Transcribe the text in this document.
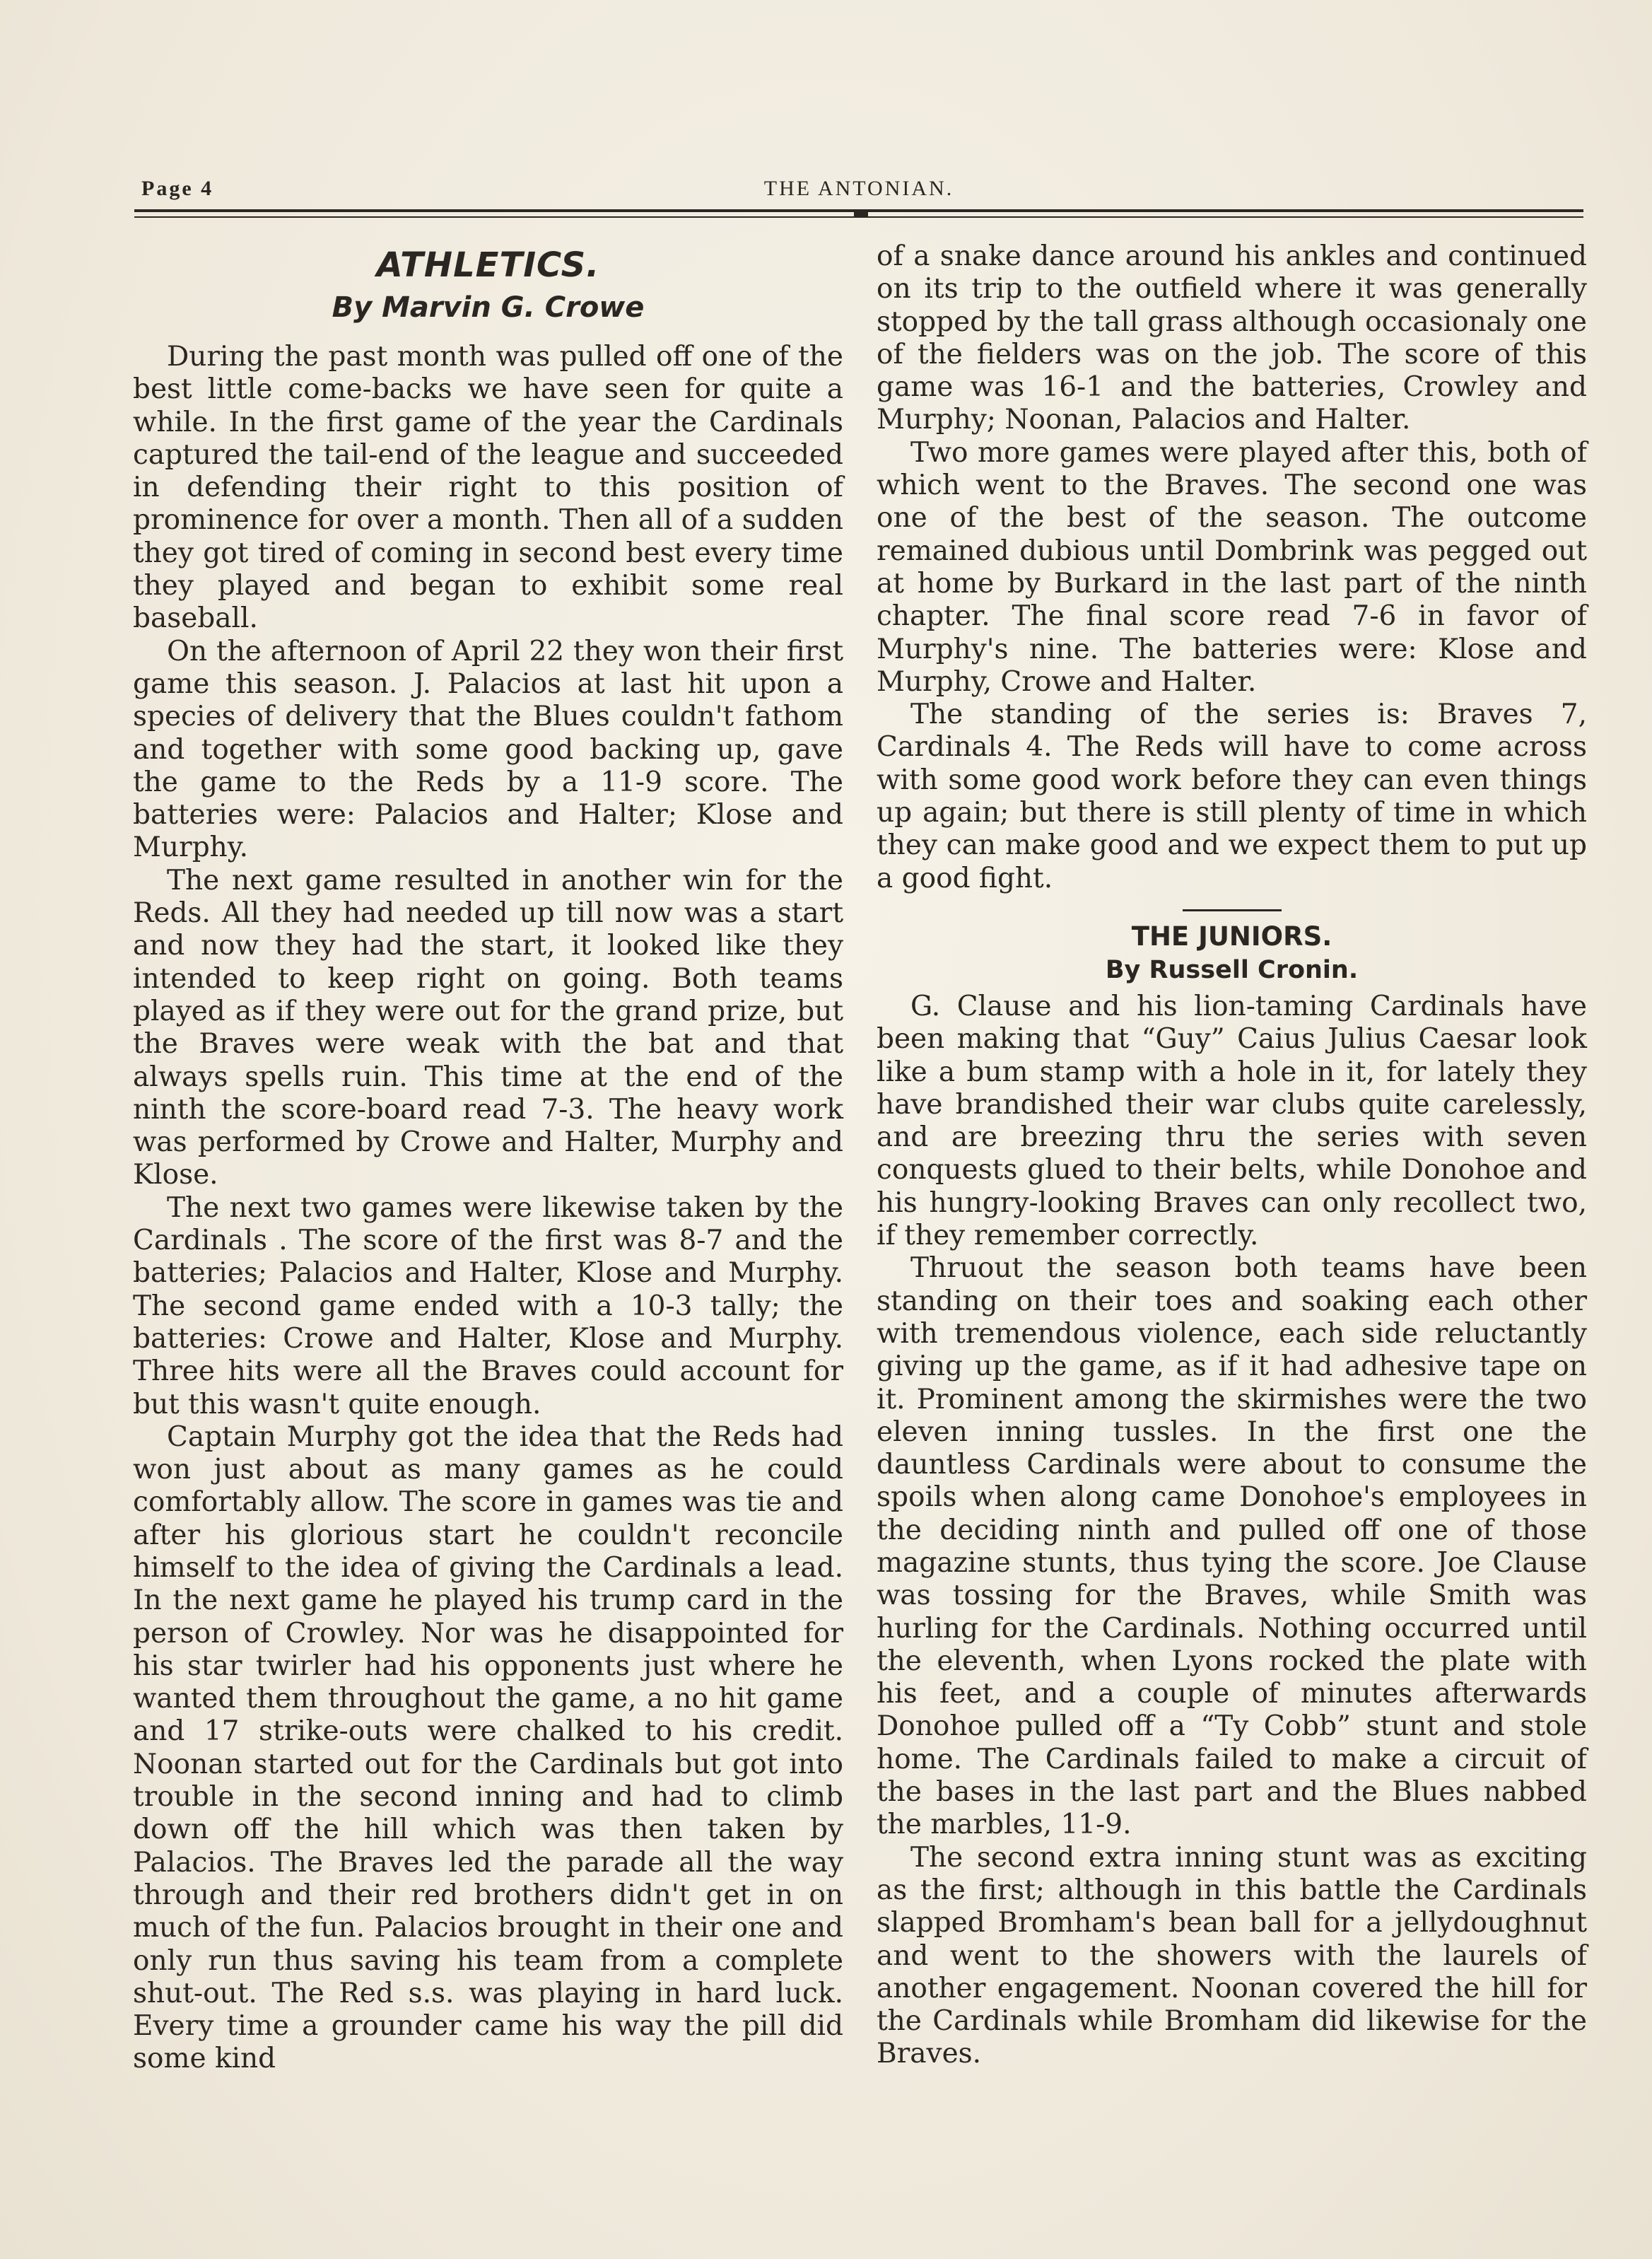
Page 4	THE ANTONIAN.
ATHLETICS.
By Marvin G. Crowe

During the past month was pulled off one of the best little come-backs we have seen for quite a while. In the first game of the year the Cardinals captured the tail-end of the league and succeeded in defending their right to this position of prominence for over a month. Then all of a sudden they got tired of coming in second best every time they played and began to exhibit some real baseball.

On the afternoon of April 22 they won their first game this season. J. Palacios at last hit upon a species of delivery that the Blues couldn't fathom and together with some good backing up, gave the game to the Reds by a 11-9 score. The batteries were: Palacios and Halter; Klose and Murphy.

The next game resulted in another win for the Reds. All they had needed up till now was a start and now they had the start, it looked like they intended to keep right on going. Both teams played as if they were out for the grand prize, but the Braves were weak with the bat and that always spells ruin. This time at the end of the ninth the score-board read 7-3. The heavy work was performed by Crowe and Halter, Murphy and Klose.

The next two games were likewise taken by the Cardinals . The score of the first was 8-7 and the batteries; Palacios and Halter, Klose and Murphy. The second game ended with a 10-3 tally; the batteries: Crowe and Halter, Klose and Murphy. Three hits were all the Braves could account for but this wasn't quite enough.

Captain Murphy got the idea that the Reds had won just about as many games as he could comfortably allow. The score in games was tie and after his glorious start he couldn't reconcile himself to the idea of giving the Cardinals a lead. In the next game he played his trump card in the person of Crowley. Nor was he disappointed for his star twirler had his opponents just where he wanted them throughout the game, a no hit game and 17 strike-outs were chalked to his credit. Noonan started out for the Cardinals but got into trouble in the second inning and had to climb down off the hill which was then taken by Palacios. The Braves led the parade all the way through and their red brothers didn't get in on much of the fun. Palacios brought in their one and only run thus saving his team from a complete shut-out. The Red s.s. was playing in hard luck. Every time a grounder came his way the pill did some kind

of a snake dance around his ankles and continued on its trip to the outfield where it was generally stopped by the tall grass although occasionaly one of the fielders was on the job. The score of this game was 16-1 and the batteries, Crowley and Murphy; Noonan, Palacios and Halter.

Two more games were played after this, both of which went to the Braves. The second one was one of the best of the season. The outcome remained dubious until Dombrink was pegged out at home by Burkard in the last part of the ninth chapter. The final score read 7-6 in favor of Murphy's nine. The batteries were: Klose and Murphy, Crowe and Halter.

The standing of the series is: Braves 7, Cardinals 4. The Reds will have to come across with some good work before they can even things up again; but there is still plenty of time in which they can make good and we expect them to put up a good fight.

THE JUNIORS.
By Russell Cronin.

G. Clause and his lion-taming Cardinals have been making that “Guy” Caius Julius Caesar look like a bum stamp with a hole in it, for lately they have brandished their war clubs quite carelessly, and are breezing thru the series with seven conquests glued to their belts, while Donohoe and his hungry-looking Braves can only recollect two, if they remember correctly.

Thruout the season both teams have been standing on their toes and soaking each other with tremendous violence, each side reluctantly giving up the game, as if it had adhesive tape on it. Prominent among the skirmishes were the two eleven inning tussles. In the first one the dauntless Cardinals were about to consume the spoils when along came Donohoe's employees in the deciding ninth and pulled off one of those magazine stunts, thus tying the score. Joe Clause was tossing for the Braves, while Smith was hurling for the Cardinals. Nothing occurred until the eleventh, when Lyons rocked the plate with his feet, and a couple of minutes afterwards Donohoe pulled off a “Ty Cobb” stunt and stole home. The Cardinals failed to make a circuit of the bases in the last part and the Blues nabbed the marbles, 11-9.

The second extra inning stunt was as exciting as the first; although in this battle the Cardinals slapped Bromham's bean ball for a jellydoughnut and went to the showers with the laurels of another engagement. Noonan covered the hill for the Cardinals while Bromham did likewise for the Braves.
